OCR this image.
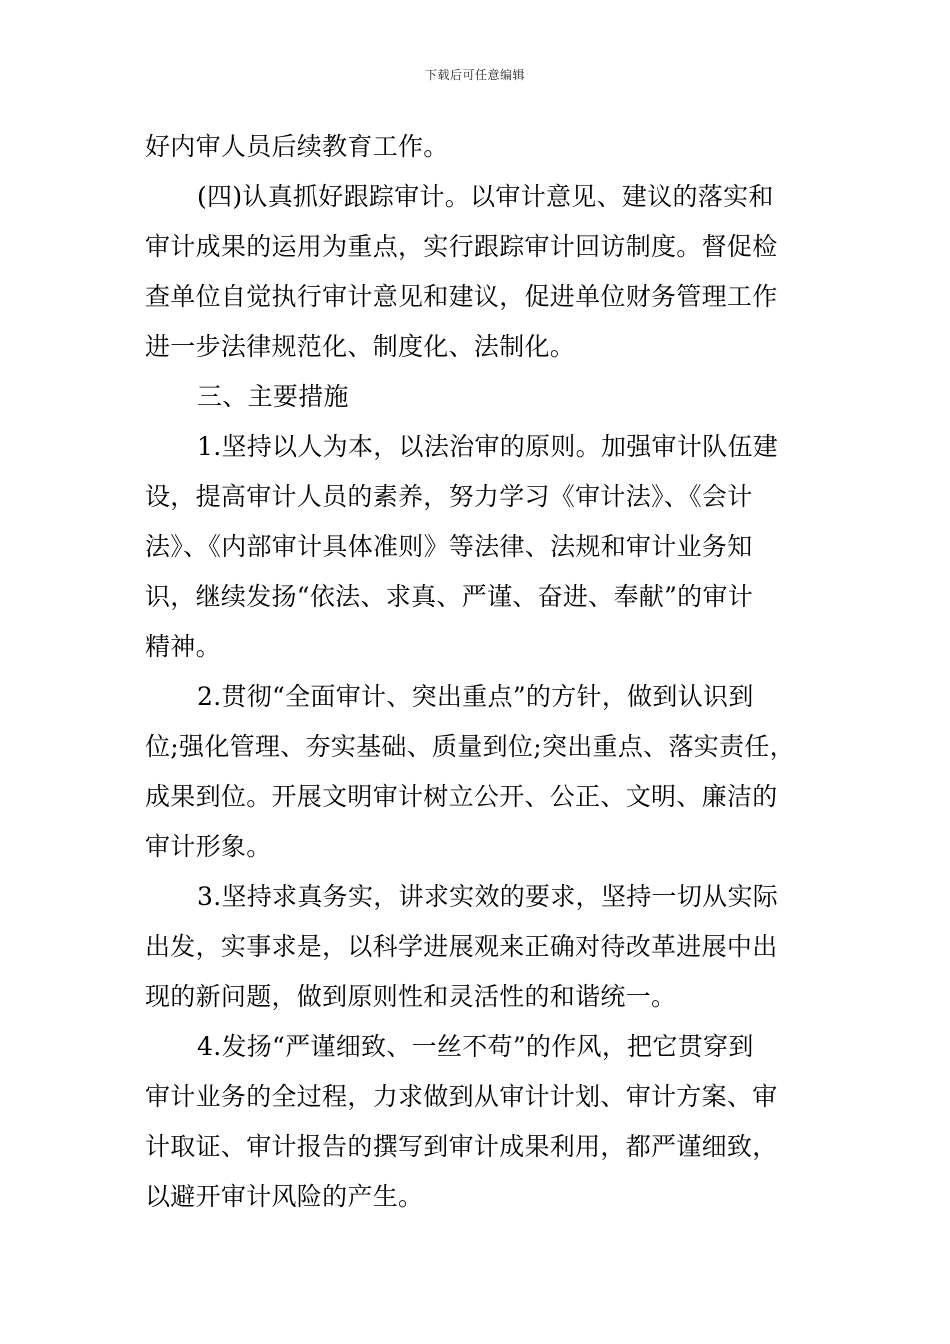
下载后可任意编辑
好内审人员后续教育工作。
(四)认真抓好跟踪审计。以审计意见、建议的落实和
审计成果的运用为重点，实行跟踪审计回访制度。督促检
查单位自觉执行审计意见和建议，促进单位财务管理工作
进一步法律规范化、制度化、法制化。
三、主要措施
1.坚持以人为本，以法治审的原则。加强审计队伍建
设，提高审计人员的素养，努力学习《审计法》、《会计
法》、《内部审计具体准则》等法律、法规和审计业务知
识，继续发扬“依法、求真、严谨、奋进、奉献”的审计
精神。
2.贯彻“全面审计、突出重点”的方针，做到认识到
位;强化管理、夯实基础、质量到位;突出重点、落实责任，
成果到位。开展文明审计树立公开、公正、文明、廉洁的
审计形象。
3.坚持求真务实，讲求实效的要求，坚持一切从实际
出发，实事求是，以科学进展观来正确对待改革进展中出
现的新问题，做到原则性和灵活性的和谐统一。
4.发扬“严谨细致、一丝不苟”的作风，把它贯穿到
审计业务的全过程，力求做到从审计计划、审计方案、审
计取证、审计报告的撰写到审计成果利用，都严谨细致，
以避开审计风险的产生。
